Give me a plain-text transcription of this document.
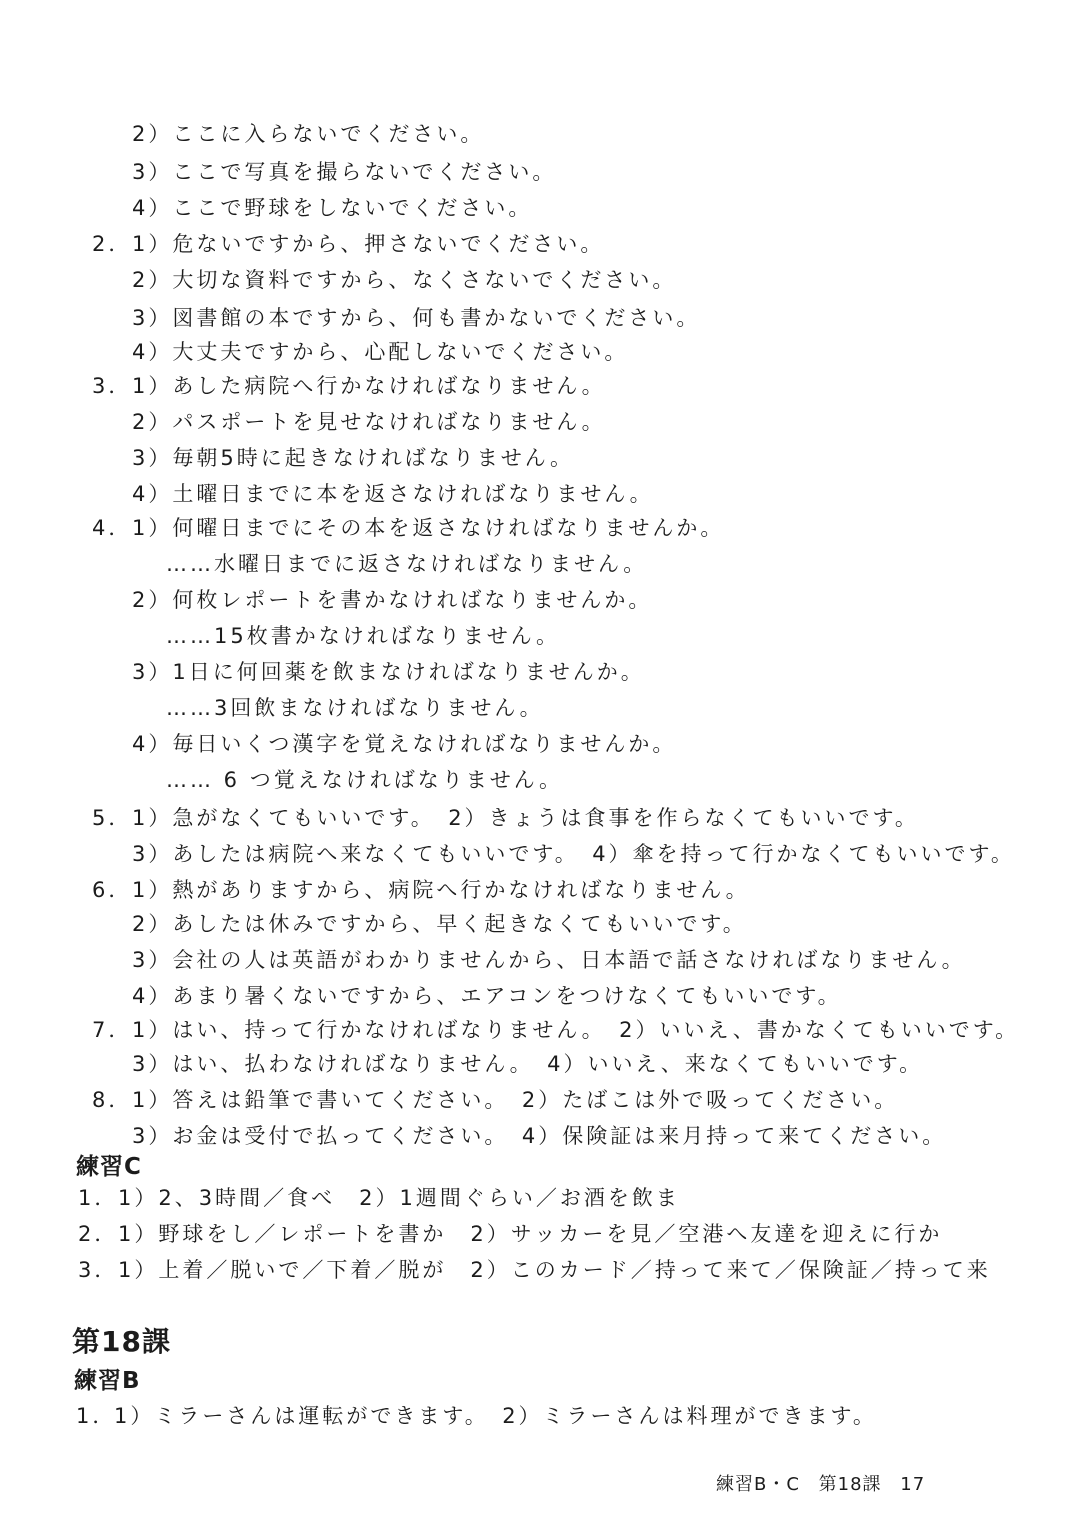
2）ここに入らないでください。
3）ここで写真を撮らないでください。
4）ここで野球をしないでください。
2．1）危ないですから、押さないでください。
2）大切な資料ですから、なくさないでください。
3）図書館の本ですから、何も書かないでください。
4）大丈夫ですから、心配しないでください。
3．1）あした病院へ行かなければなりません。
2）パスポートを見せなければなりません。
3）毎朝5時に起きなければなりません。
4）土曜日までに本を返さなければなりません。
4．1）何曜日までにその本を返さなければなりませんか。
……水曜日までに返さなければなりません。
2）何枚レポートを書かなければなりませんか。
……15枚書かなければなりません。
3）1日に何回薬を飲まなければなりませんか。
……3回飲まなければなりません。
4）毎日いくつ漢字を覚えなければなりませんか。
…… 6 つ覚えなければなりません。
5．1）急がなくてもいいです。　2）きょうは食事を作らなくてもいいです。
3）あしたは病院へ来なくてもいいです。　4）傘を持って行かなくてもいいです。
6．1）熱がありますから、病院へ行かなければなりません。
2）あしたは休みですから、早く起きなくてもいいです。
3）会社の人は英語がわかりませんから、日本語で話さなければなりません。
4）あまり暑くないですから、エアコンをつけなくてもいいです。
7．1）はい、持って行かなければなりません。　2）いいえ、書かなくてもいいです。
3）はい、払わなければなりません。　4）いいえ、来なくてもいいです。
8．1）答えは鉛筆で書いてください。　2）たばこは外で吸ってください。
3）お金は受付で払ってください。　4）保険証は来月持って来てください。
練習C
1．1）2、3時間／食べ　2）1週間ぐらい／お酒を飲ま
2．1）野球をし／レポートを書か　2）サッカーを見／空港へ友達を迎えに行か
3．1）上着／脱いで／下着／脱が　2）このカード／持って来て／保険証／持って来
第18課
練習B
1．1）ミラーさんは運転ができます。　2）ミラーさんは料理ができます。
練習B・C 第18課 17
